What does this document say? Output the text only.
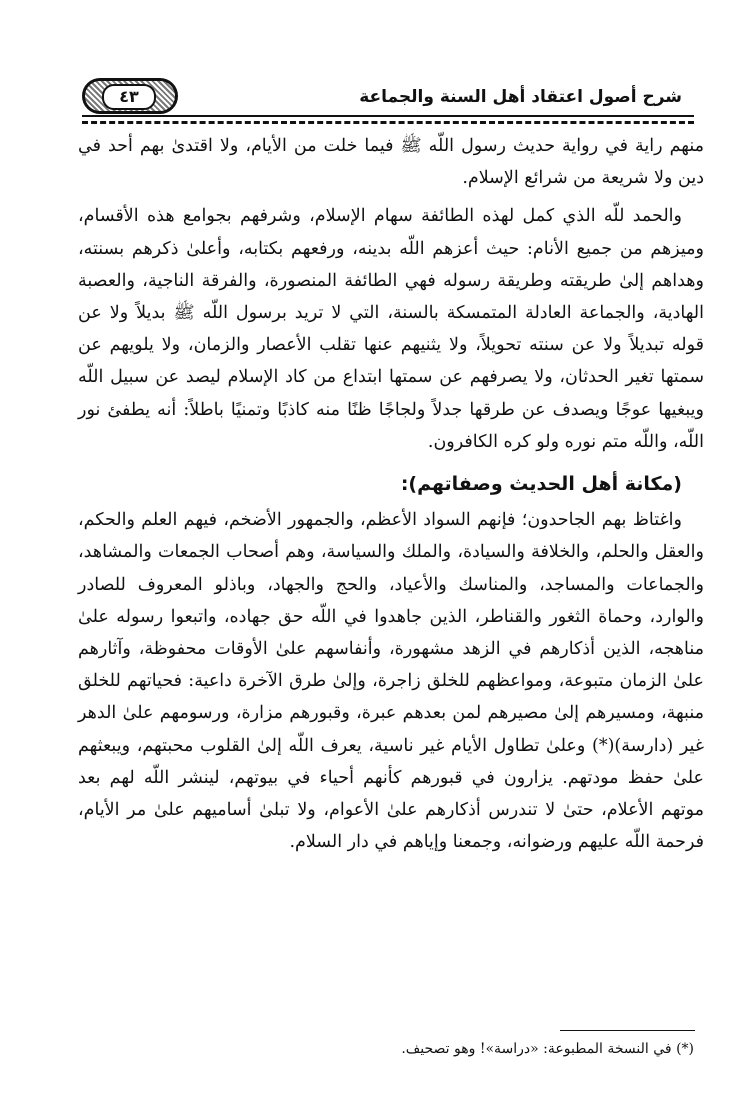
٤٣	شرح أصول اعتقاد أهل السنة والجماعة

منهم راية في رواية حديث رسول اللّه ﷺ فيما خلت من الأيام، ولا اقتدىٰ بهم أحد في دين ولا شريعة من شرائع الإسلام.

والحمد للّه الذي كمل لهذه الطائفة سهام الإسلام، وشرفهم بجوامع هذه الأقسام، وميزهم من جميع الأنام: حيث أعزهم اللّه بدينه، ورفعهم بكتابه، وأعلىٰ ذكرهم بسنته، وهداهم إلىٰ طريقته وطريقة رسوله فهي الطائفة المنصورة، والفرقة الناجية، والعصبة الهادية، والجماعة العادلة المتمسكة بالسنة، التي لا تريد برسول اللّه ﷺ بديلاً ولا عن قوله تبديلاً ولا عن سنته تحويلاً، ولا يثنيهم عنها تقلب الأعصار والزمان، ولا يلويهم عن سمتها تغير الحدثان، ولا يصرفهم عن سمتها ابتداع من كاد الإسلام ليصد عن سبيل اللّه ويبغيها عوجًا ويصدف عن طرقها جدلاً ولجاجًا ظنًا منه كاذبًا وتمنيًا باطلاً: أنه يطفئ نور اللّه، واللّه متم نوره ولو كره الكافرون.

(مكانة أهل الحديث وصفاتهم):

واغتاظ بهم الجاحدون؛ فإنهم السواد الأعظم، والجمهور الأضخم، فيهم العلم والحكم، والعقل والحلم، والخلافة والسيادة، والملك والسياسة، وهم أصحاب الجمعات والمشاهد، والجماعات والمساجد، والمناسك والأعياد، والحج والجهاد، وباذلو المعروف للصادر والوارد، وحماة الثغور والقناطر، الذين جاهدوا في اللّه حق جهاده، واتبعوا رسوله علىٰ مناهجه، الذين أذكارهم في الزهد مشهورة، وأنفاسهم علىٰ الأوقات محفوظة، وآثارهم علىٰ الزمان متبوعة، ومواعظهم للخلق زاجرة، وإلىٰ طرق الآخرة داعية: فحياتهم للخلق منبهة، ومسيرهم إلىٰ مصيرهم لمن بعدهم عبرة، وقبورهم مزارة، ورسومهم علىٰ الدهر غير (دارسة)(*) وعلىٰ تطاول الأيام غير ناسية، يعرف اللّه إلىٰ القلوب محبتهم، ويبعثهم علىٰ حفظ مودتهم. يزارون في قبورهم كأنهم أحياء في بيوتهم، لينشر اللّه لهم بعد موتهم الأعلام، حتىٰ لا تندرس أذكارهم علىٰ الأعوام، ولا تبلىٰ أساميهم علىٰ مر الأيام، فرحمة اللّه عليهم ورضوانه، وجمعنا وإياهم في دار السلام.

(*) في النسخة المطبوعة: «دراسة»! وهو تصحيف.
